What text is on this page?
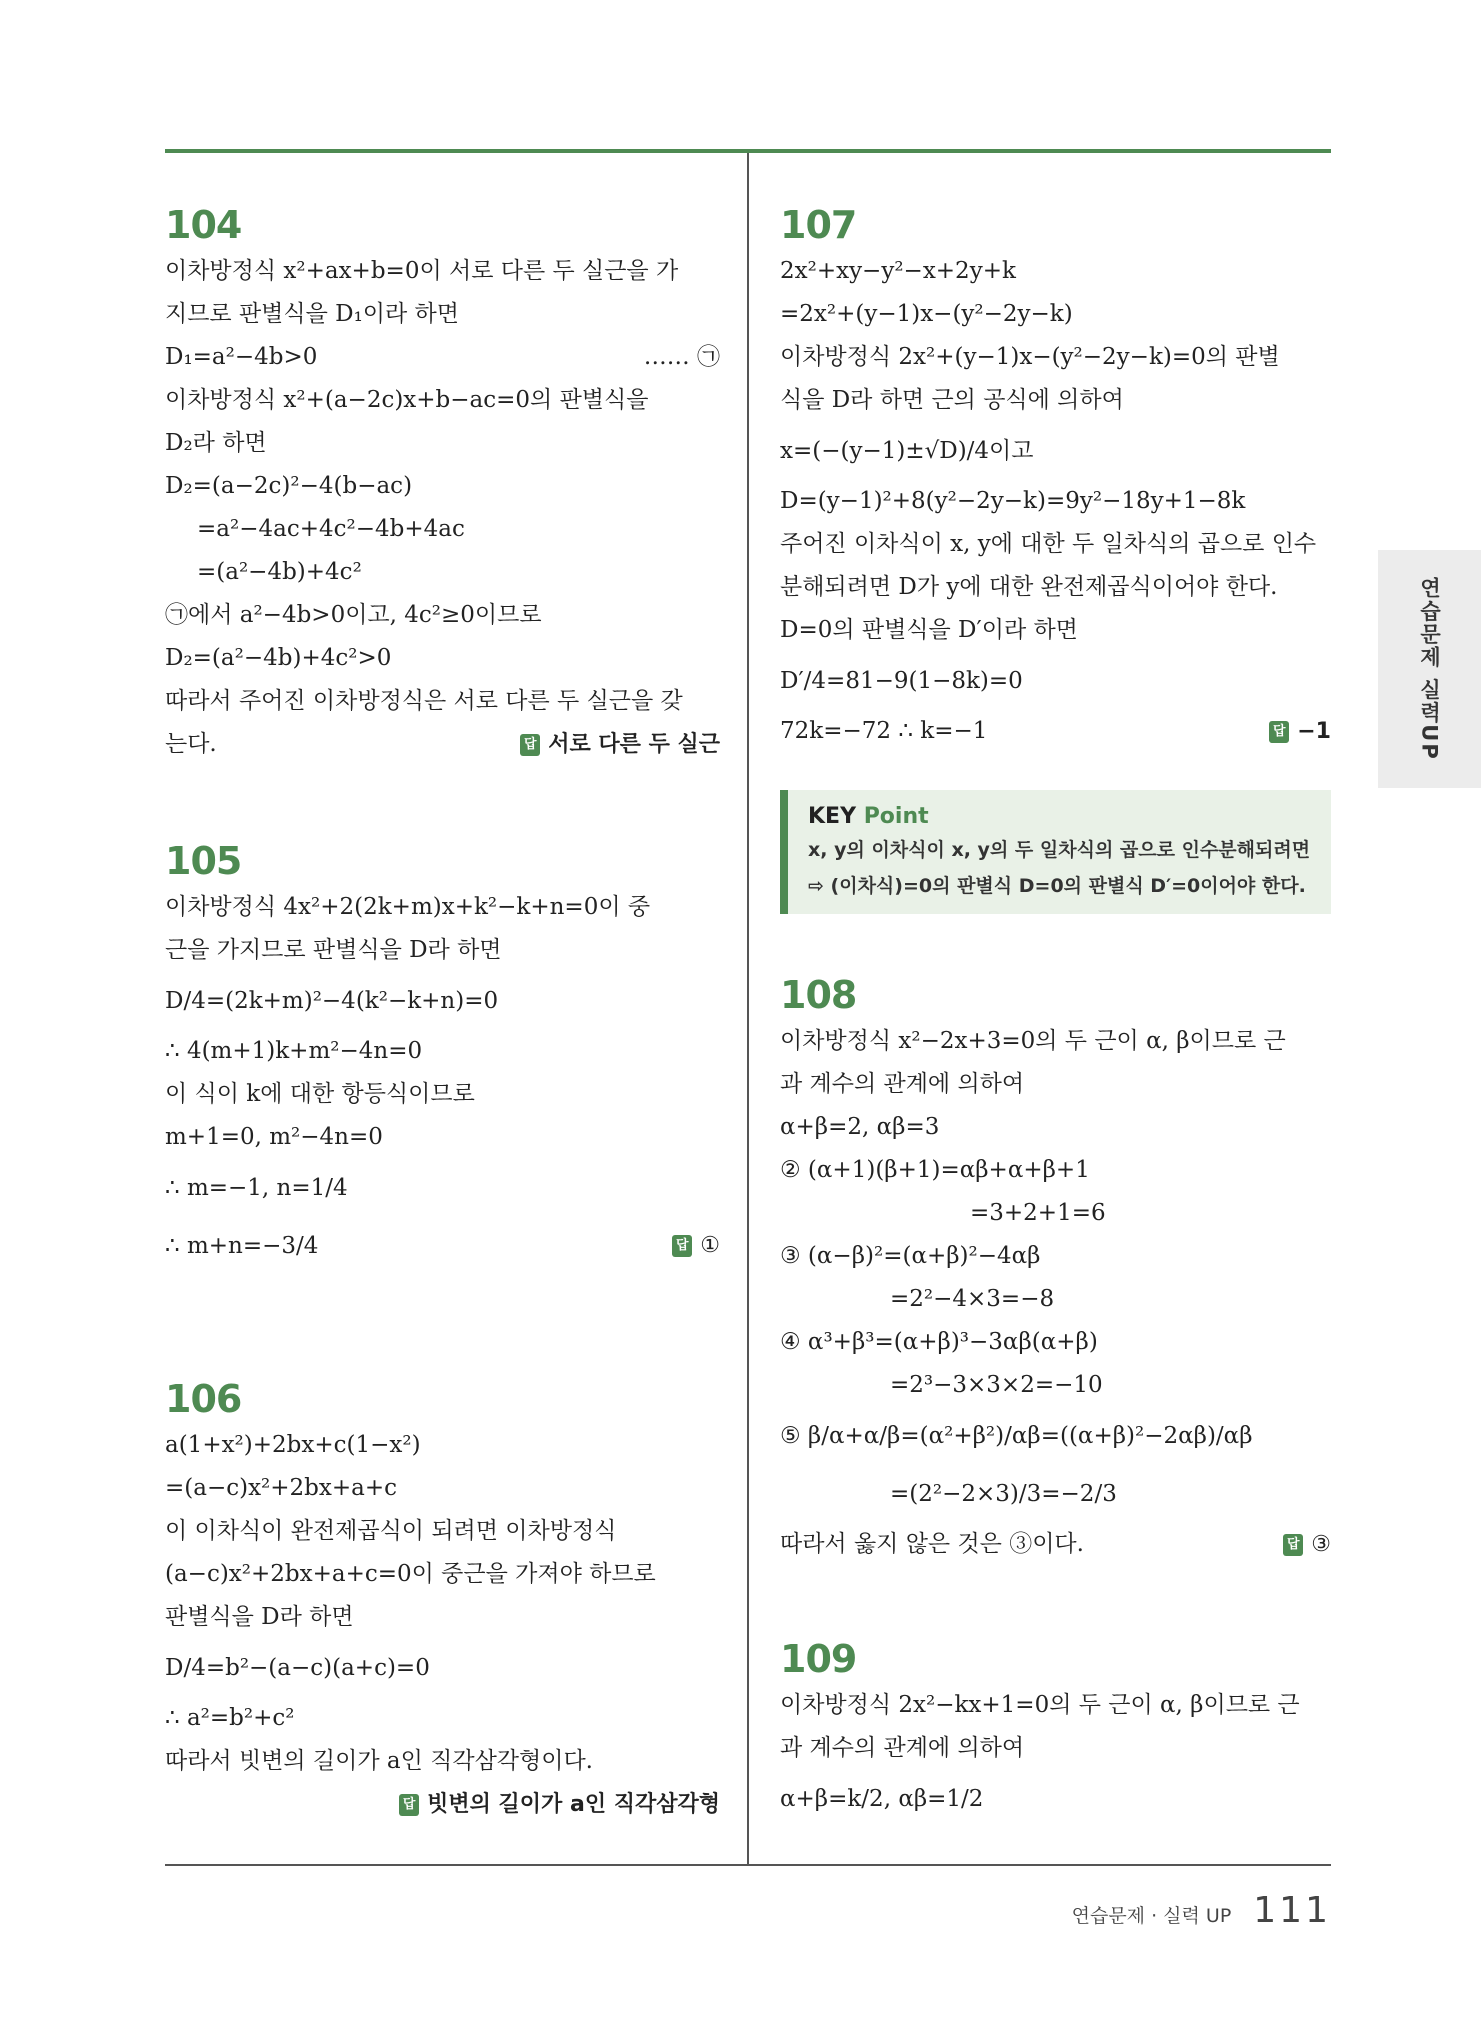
104
이차방정식 x²+ax+b=0이 서로 다른 두 실근을 가
지므로 판별식을 D₁이라 하면
D₁=a²−4b>0	…… ㉠
이차방정식 x²+(a−2c)x+b−ac=0의 판별식을
D₂라 하면
D₂=(a−2c)²−4(b−ac)
=a²−4ac+4c²−4b+4ac
=(a²−4b)+4c²
㉠에서 a²−4b>0이고, 4c²≥0이므로
D₂=(a²−4b)+4c²>0
따라서 주어진 이차방정식은 서로 다른 두 실근을 갖
는다.	답 서로 다른 두 실근
105
이차방정식 4x²+2(2k+m)x+k²−k+n=0이 중
근을 가지므로 판별식을 D라 하면
D/4=(2k+m)²−4(k²−k+n)=0
∴ 4(m+1)k+m²−4n=0
이 식이 k에 대한 항등식이므로
m+1=0, m²−4n=0
∴ m=−1, n=1/4
∴ m+n=−3/4	답 ①
106
a(1+x²)+2bx+c(1−x²)
=(a−c)x²+2bx+a+c
이 이차식이 완전제곱식이 되려면 이차방정식
(a−c)x²+2bx+a+c=0이 중근을 가져야 하므로
판별식을 D라 하면
D/4=b²−(a−c)(a+c)=0
∴ a²=b²+c²
따라서 빗변의 길이가 a인 직각삼각형이다.
답 빗변의 길이가 a인 직각삼각형
107
2x²+xy−y²−x+2y+k
=2x²+(y−1)x−(y²−2y−k)
이차방정식 2x²+(y−1)x−(y²−2y−k)=0의 판별
식을 D라 하면 근의 공식에 의하여
x=(−(y−1)±√D)/4이고
D=(y−1)²+8(y²−2y−k)=9y²−18y+1−8k
주어진 이차식이 x, y에 대한 두 일차식의 곱으로 인수
분해되려면 D가 y에 대한 완전제곱식이어야 한다.
D=0의 판별식을 D′이라 하면
D′/4=81−9(1−8k)=0
72k=−72 ∴ k=−1	답 −1
KEY Point
x, y의 이차식이 x, y의 두 일차식의 곱으로 인수분해되려면
⇨ (이차식)=0의 판별식 D=0의 판별식 D′=0이어야 한다.
108
이차방정식 x²−2x+3=0의 두 근이 α, β이므로 근
과 계수의 관계에 의하여
α+β=2, αβ=3
② (α+1)(β+1)=αβ+α+β+1
=3+2+1=6
③ (α−β)²=(α+β)²−4αβ
=2²−4×3=−8
④ α³+β³=(α+β)³−3αβ(α+β)
=2³−3×3×2=−10
⑤ β/α+α/β=(α²+β²)/αβ=((α+β)²−2αβ)/αβ
=(2²−2×3)/3=−2/3
따라서 옳지 않은 것은 ③이다.	답 ③
109
이차방정식 2x²−kx+1=0의 두 근이 α, β이므로 근
과 계수의 관계에 의하여
α+β=k/2, αβ=1/2
연습문제 실력UP
연습문제 · 실력 UP 111
